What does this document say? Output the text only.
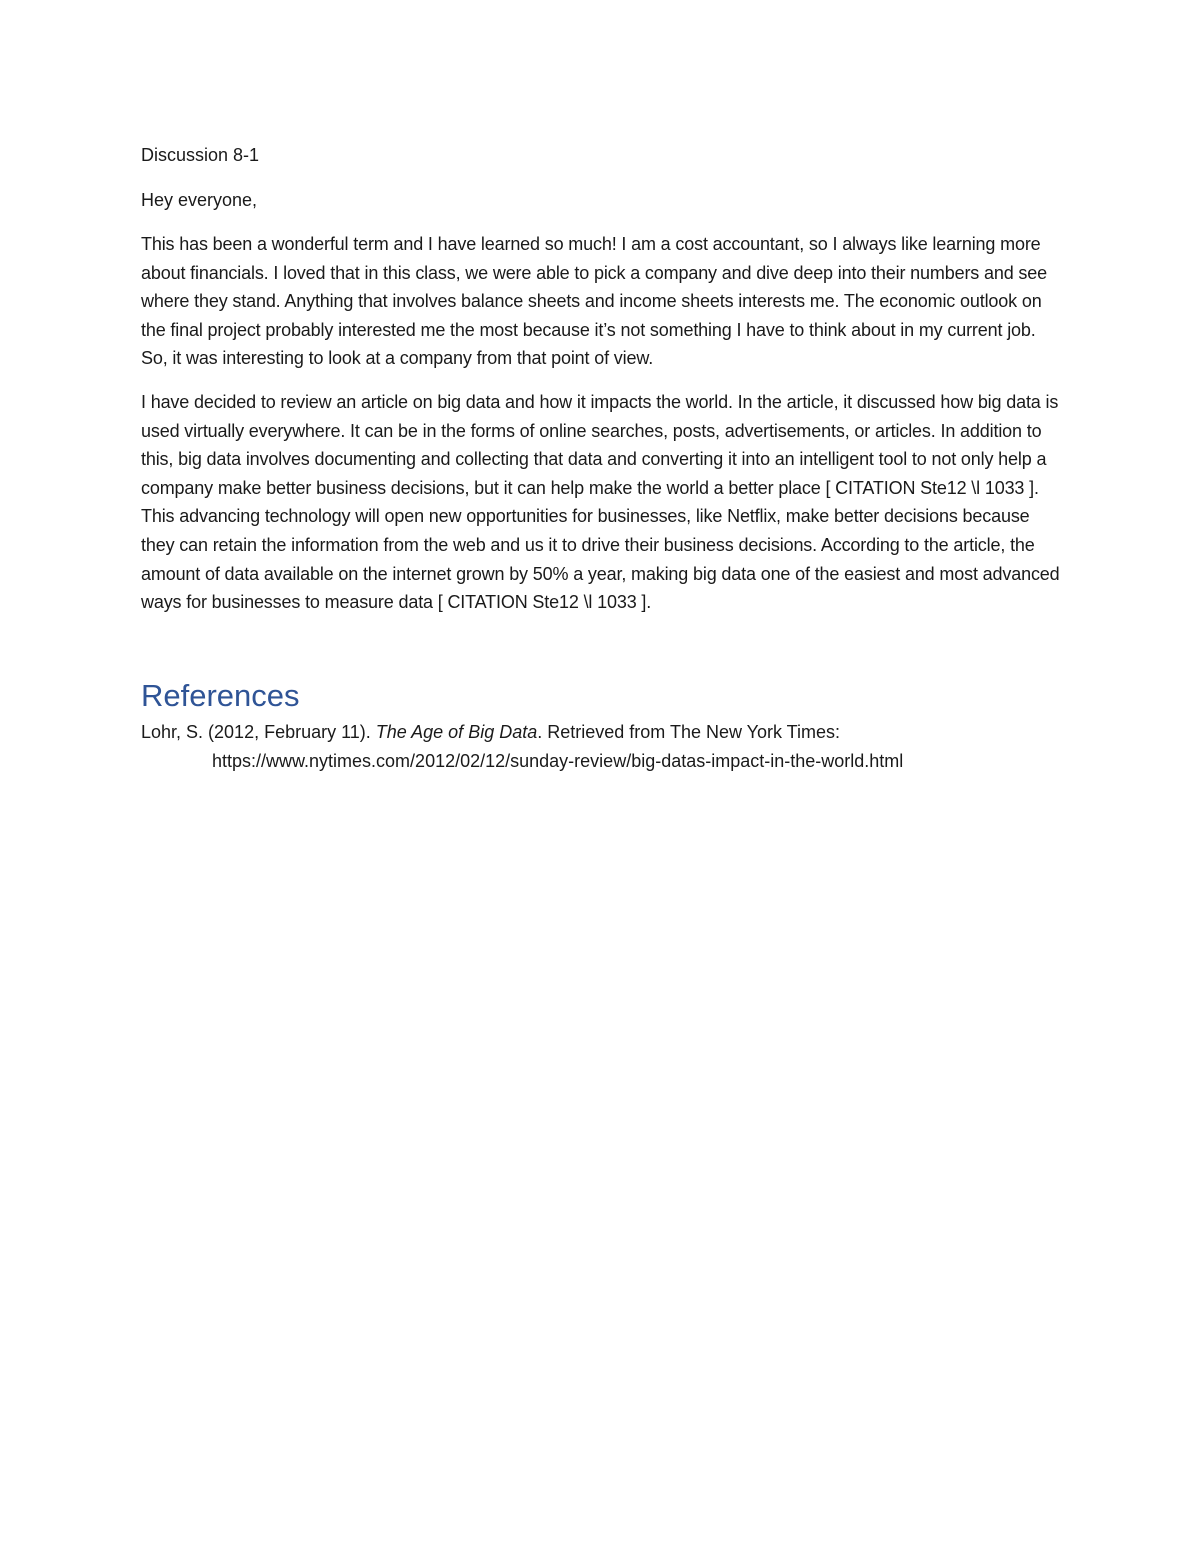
Discussion 8-1

Hey everyone,

This has been a wonderful term and I have learned so much! I am a cost accountant, so I always like learning more about financials. I loved that in this class, we were able to pick a company and dive deep into their numbers and see where they stand. Anything that involves balance sheets and income sheets interests me. The economic outlook on the final project probably interested me the most because it’s not something I have to think about in my current job. So, it was interesting to look at a company from that point of view.

I have decided to review an article on big data and how it impacts the world. In the article, it discussed how big data is used virtually everywhere. It can be in the forms of online searches, posts, advertisements, or articles. In addition to this, big data involves documenting and collecting that data and converting it into an intelligent tool to not only help a company make better business decisions, but it can help make the world a better place [ CITATION Ste12 \l 1033 ]. This advancing technology will open new opportunities for businesses, like Netflix, make better decisions because they can retain the information from the web and us it to drive their business decisions. According to the article, the amount of data available on the internet grown by 50% a year, making big data one of the easiest and most advanced ways for businesses to measure data [ CITATION Ste12 \l 1033 ].

References

Lohr, S. (2012, February 11). The Age of Big Data. Retrieved from The New York Times: https://www.nytimes.com/2012/02/12/sunday-review/big-datas-impact-in-the-world.html
